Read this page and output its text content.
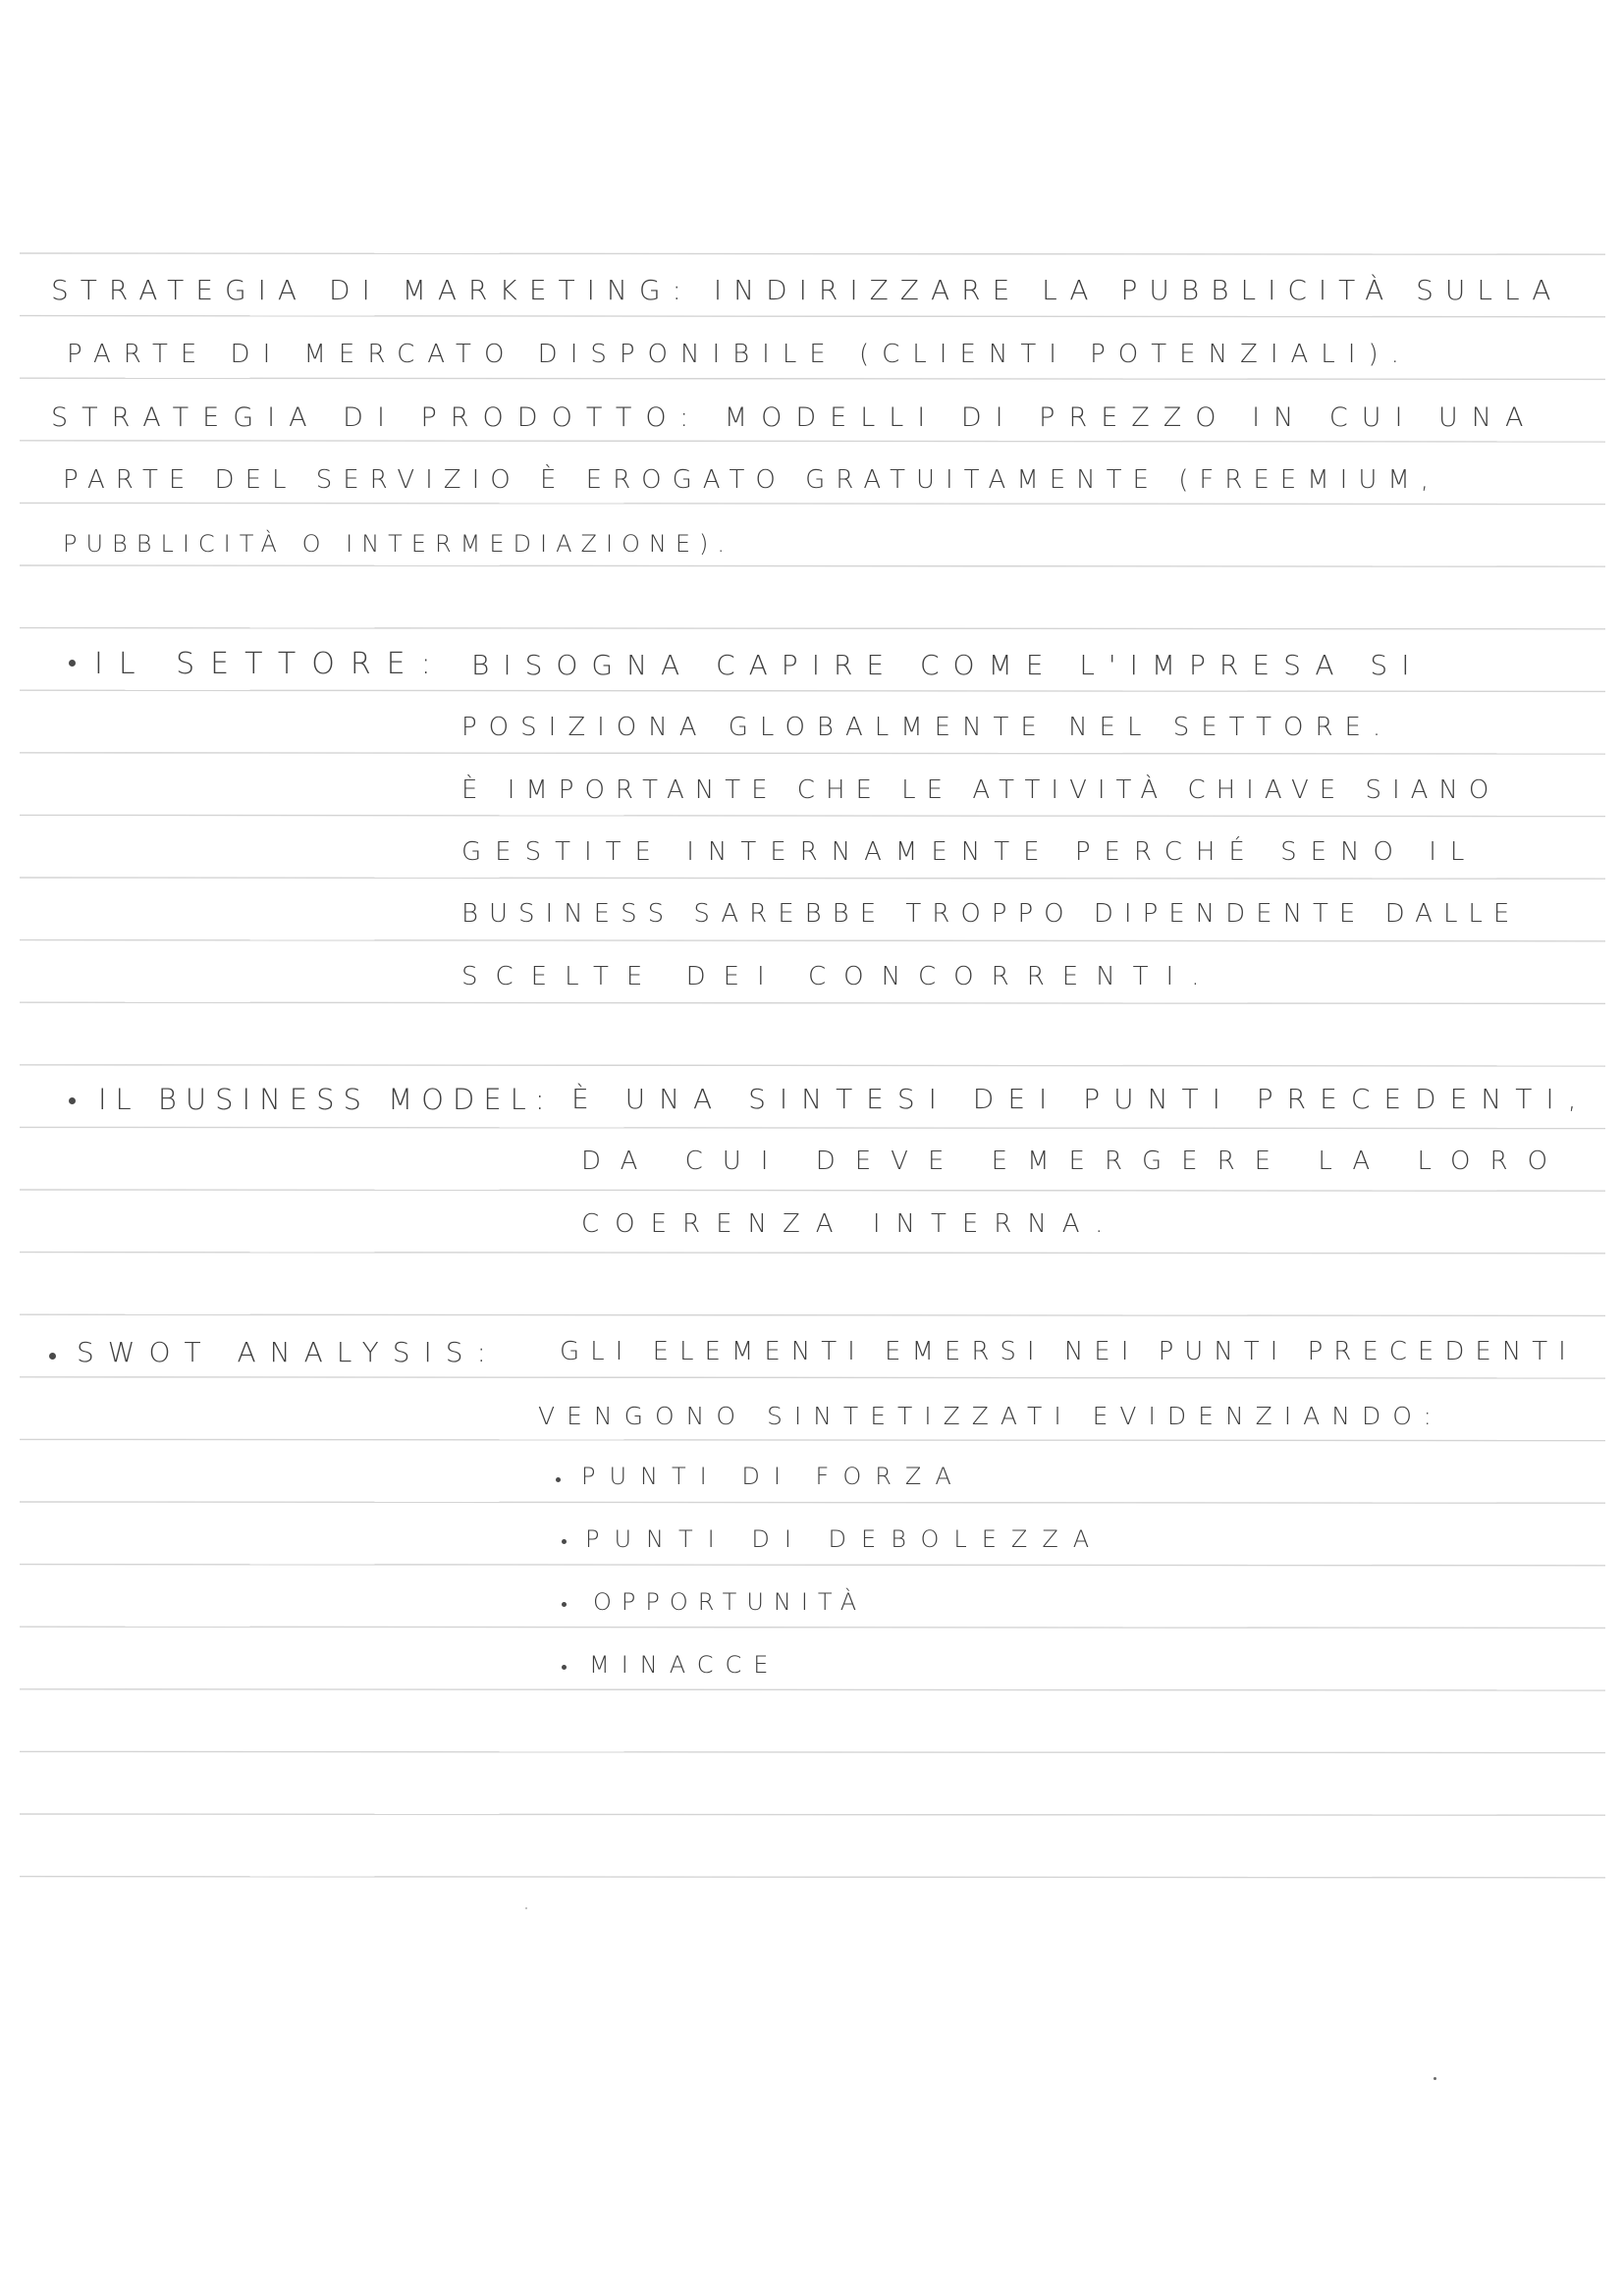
STRATEGIA DI MARKETING: INDIRIZZARE LA PUBBLICITÀ SULLA
PARTE DI MERCATO DISPONIBILE (CLIENTI POTENZIALI).
STRATEGIA DI PRODOTTO: MODELLI DI PREZZO IN CUI UNA
PARTE DEL SERVIZIO È EROGATO GRATUITAMENTE (FREEMIUM,
PUBBLICITÀ O INTERMEDIAZIONE).
IL SETTORE: BISOGNA CAPIRE COME L'IMPRESA SI
POSIZIONA GLOBALMENTE NEL SETTORE.
È IMPORTANTE CHE LE ATTIVITÀ CHIAVE SIANO
GESTITE INTERNAMENTE PERCHÉ SENO IL
BUSINESS SAREBBE TROPPO DIPENDENTE DALLE
SCELTE DEI CONCORRENTI.
IL BUSINESS MODEL: È UNA SINTESI DEI PUNTI PRECEDENTI,
DA CUI DEVE EMERGERE LA LORO
COERENZA INTERNA.
SWOT ANALYSIS: GLI ELEMENTI EMERSI NEI PUNTI PRECEDENTI
VENGONO SINTETIZZATI EVIDENZIANDO:
PUNTI DI FORZA
PUNTI DI DEBOLEZZA
OPPORTUNITÀ
MINACCE
